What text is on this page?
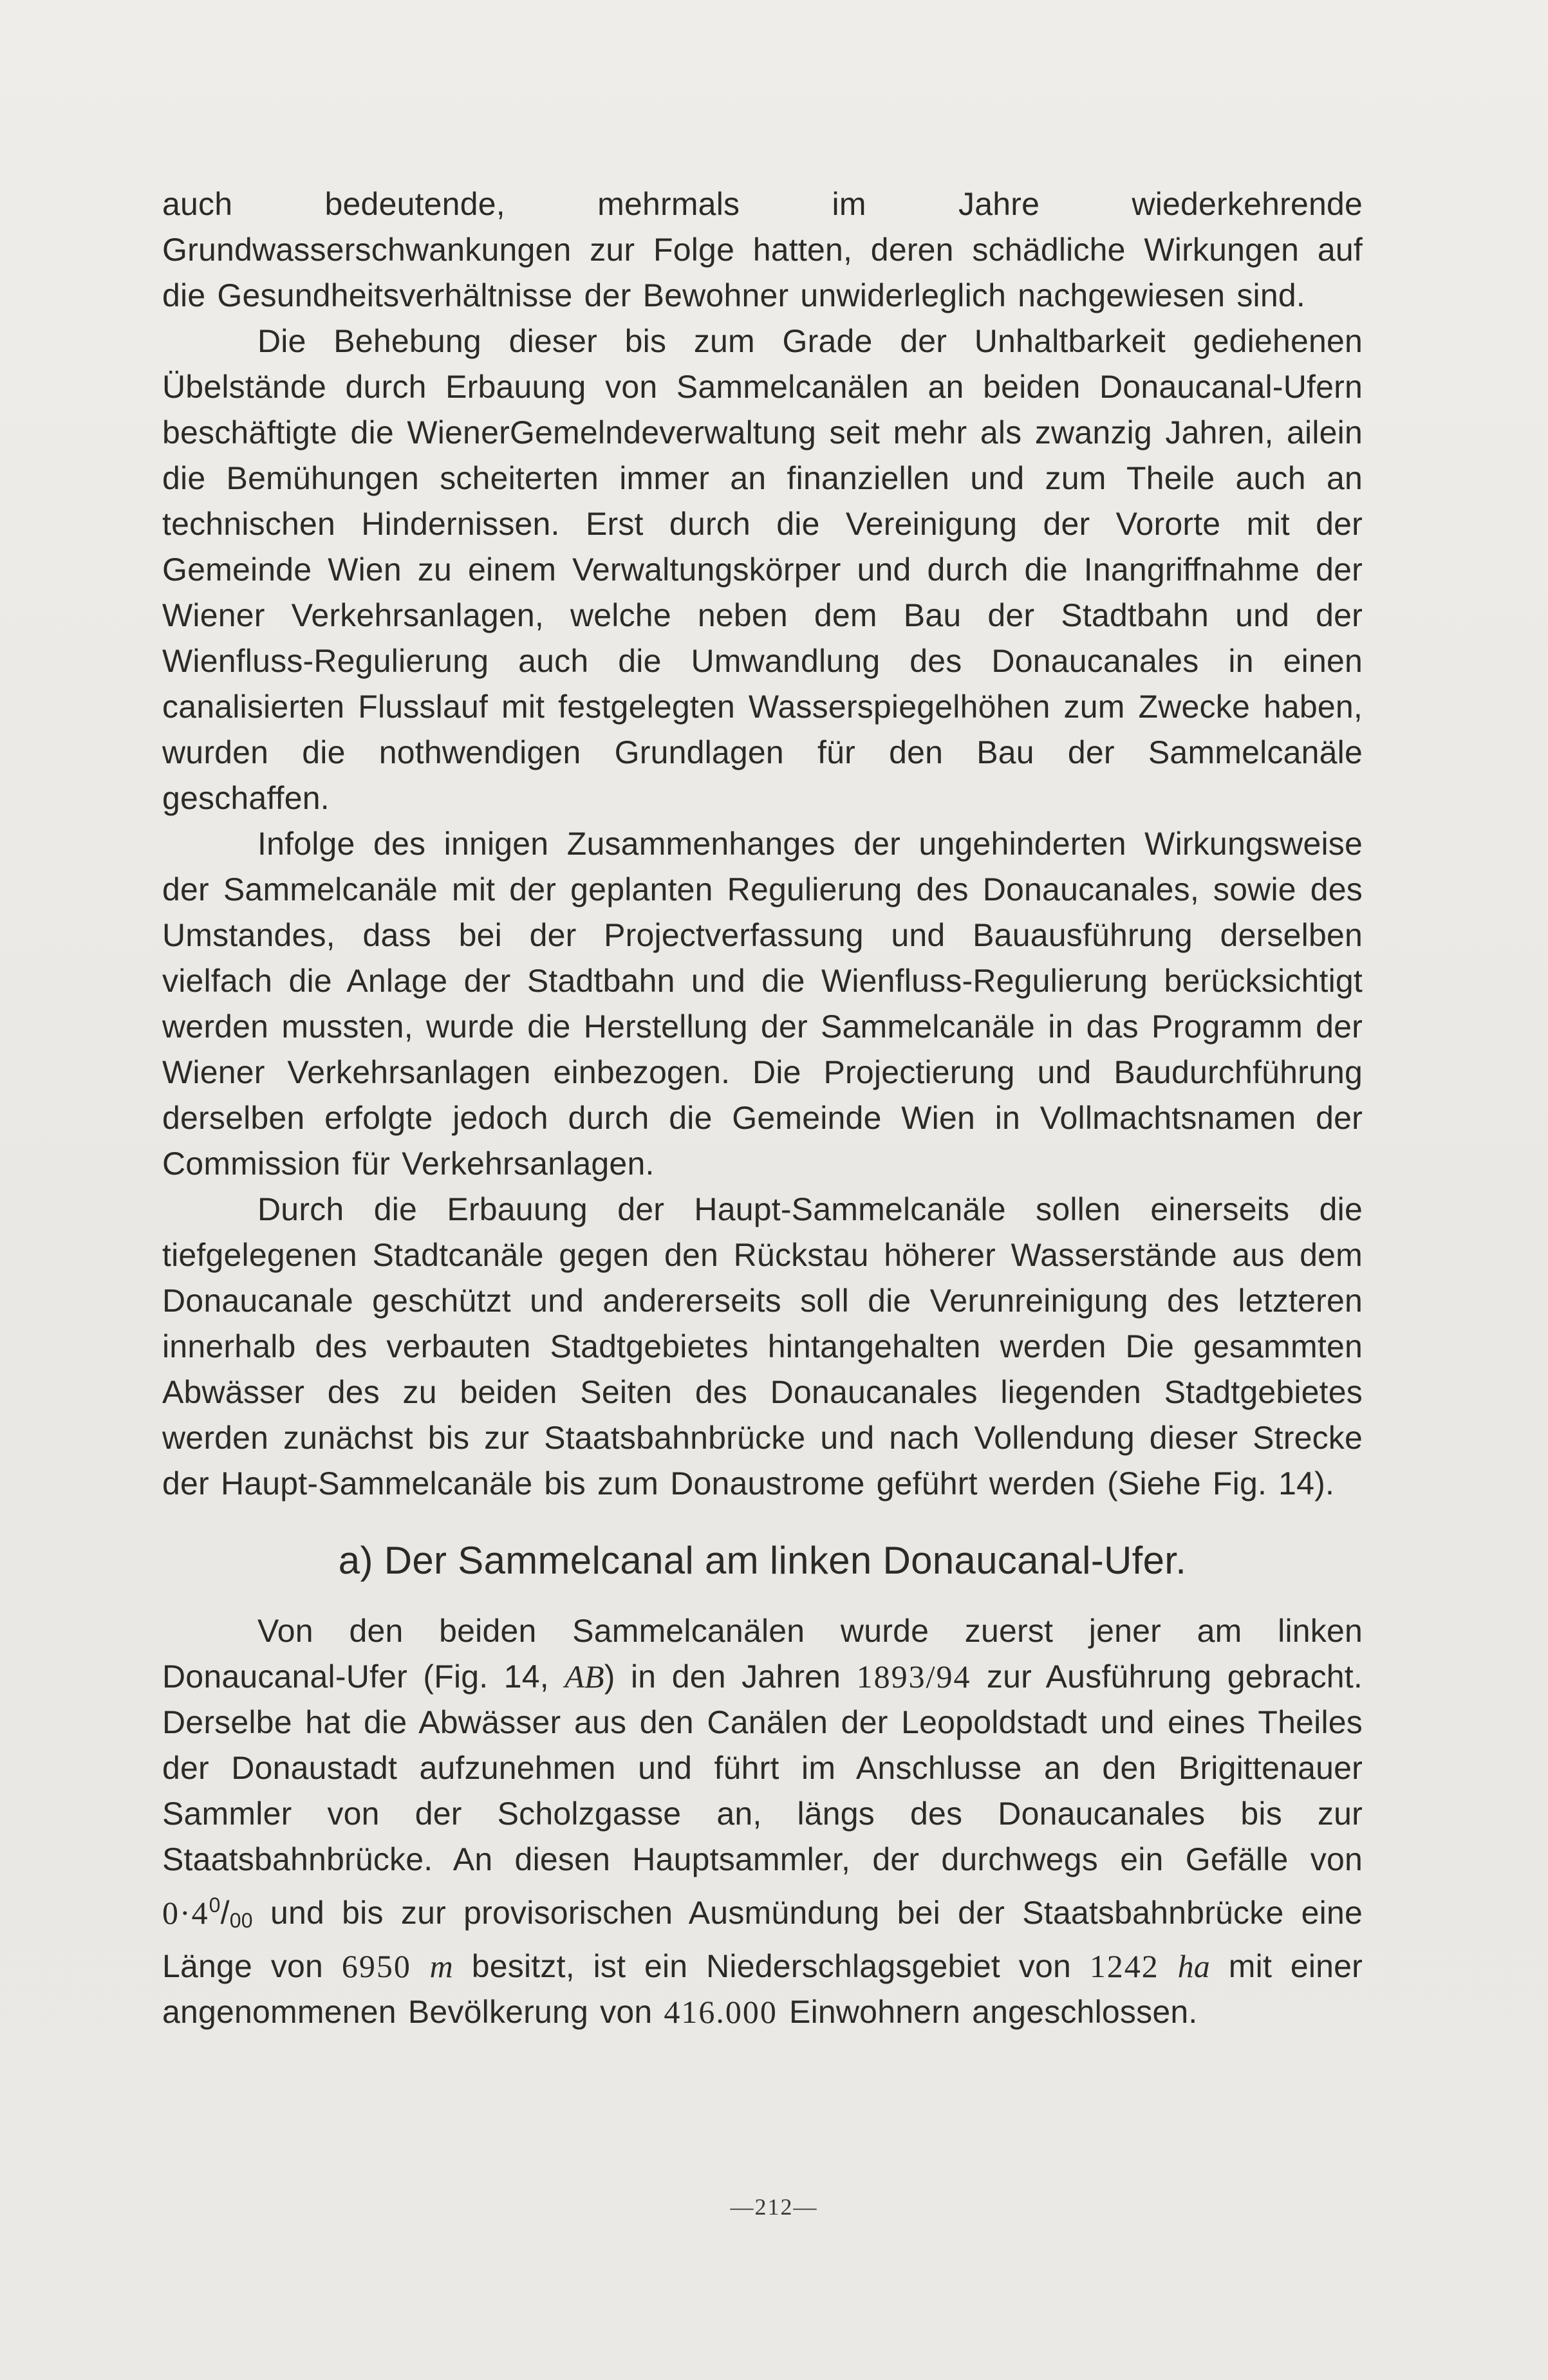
auch bedeutende, mehrmals im Jahre wiederkehrende Grundwasserschwankungen zur Folge hatten, deren schädliche Wirkungen auf die Gesundheitsverhältnisse der Bewohner unwiderleglich nachgewiesen sind.

Die Behebung dieser bis zum Grade der Unhaltbarkeit gediehenen Übelstände durch Erbauung von Sammelcanälen an beiden Donaucanal-Ufern beschäftigte die WienerGemelndeverwaltung seit mehr als zwanzig Jahren, ailein die Bemühungen scheiterten immer an finanziellen und zum Theile auch an technischen Hindernissen. Erst durch die Vereinigung der Vororte mit der Gemeinde Wien zu einem Verwaltungskörper und durch die Inangriffnahme der Wiener Verkehrsanlagen, welche neben dem Bau der Stadtbahn und der Wienfluss-Regulierung auch die Umwandlung des Donaucanales in einen canalisierten Flusslauf mit festgelegten Wasserspiegelhöhen zum Zwecke haben, wurden die nothwendigen Grundlagen für den Bau der Sammelcanäle geschaffen.

Infolge des innigen Zusammenhanges der ungehinderten Wirkungsweise der Sammelcanäle mit der geplanten Regulierung des Donaucanales, sowie des Umstandes, dass bei der Projectverfassung und Bauausführung derselben vielfach die Anlage der Stadtbahn und die Wienfluss-Regulierung berücksichtigt werden mussten, wurde die Herstellung der Sammelcanäle in das Programm der Wiener Verkehrsanlagen einbezogen. Die Projectierung und Baudurchführung derselben erfolgte jedoch durch die Gemeinde Wien in Vollmachtsnamen der Commission für Verkehrsanlagen.

Durch die Erbauung der Haupt-Sammelcanäle sollen einerseits die tiefgelegenen Stadtcanäle gegen den Rückstau höherer Wasserstände aus dem Donaucanale geschützt und andererseits soll die Verunreinigung des letzteren innerhalb des verbauten Stadtgebietes hintangehalten werden Die gesammten Abwässer des zu beiden Seiten des Donaucanales liegenden Stadtgebietes werden zunächst bis zur Staatsbahnbrücke und nach Vollendung dieser Strecke der Haupt-Sammelcanäle bis zum Donaustrome geführt werden (Siehe Fig. 14).

a) Der Sammelcanal am linken Donaucanal-Ufer.

Von den beiden Sammelcanälen wurde zuerst jener am linken Donaucanal-Ufer (Fig. 14, AB) in den Jahren 1893/94 zur Ausführung gebracht. Derselbe hat die Abwässer aus den Canälen der Leopoldstadt und eines Theiles der Donaustadt aufzunehmen und führt im Anschlusse an den Brigittenauer Sammler von der Scholzgasse an, längs des Donaucanales bis zur Staatsbahnbrücke. An diesen Hauptsammler, der durchwegs ein Gefälle von $0\cdot 4^0/00$ und bis zur provisorischen Ausmündung bei der Staatsbahnbrücke eine Länge von 6950 m besitzt, ist ein Niederschlagsgebiet von 1242 ha mit einer angenommenen Bevölkerung von 416.000 Einwohnern angeschlossen.

—212—
